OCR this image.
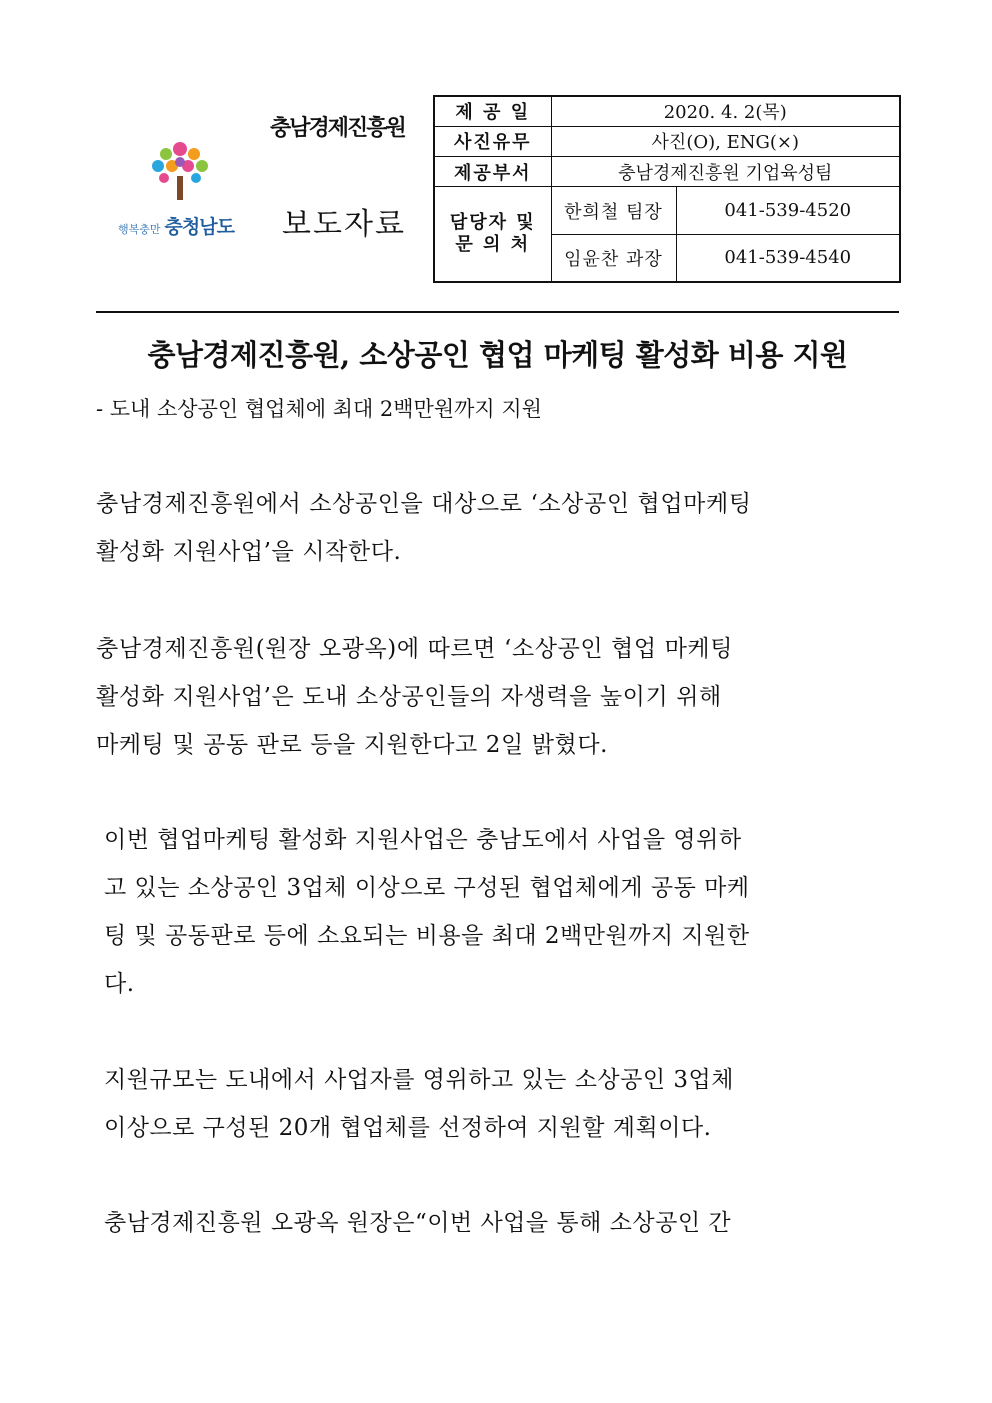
행복충만 충청남도
충남경제진흥원
보도자료
제 공 일	2020. 4. 2(목)	
사진유무	사진(O), ENG(×)	
제공부서	충남경제진흥원 기업육성팀	

담당자 및
문 의 처	한희철 팀장	041-539-4520
	임윤찬 과장	041-539-4540
충남경제진흥원, 소상공인 협업 마케팅 활성화 비용 지원
- 도내 소상공인 협업체에 최대 2백만원까지 지원
충남경제진흥원에서 소상공인을 대상으로 ‘소상공인 협업마케팅
활성화 지원사업’을 시작한다.
충남경제진흥원(원장 오광옥)에 따르면 ‘소상공인 협업 마케팅
활성화 지원사업’은 도내 소상공인들의 자생력을 높이기 위해
마케팅 및 공동 판로 등을 지원한다고 2일 밝혔다.
이번 협업마케팅 활성화 지원사업은 충남도에서 사업을 영위하
고 있는 소상공인 3업체 이상으로 구성된 협업체에게 공동 마케
팅 및 공동판로 등에 소요되는 비용을 최대 2백만원까지 지원한
다.
지원규모는 도내에서 사업자를 영위하고 있는 소상공인 3업체
이상으로 구성된 20개 협업체를 선정하여 지원할 계획이다.
충남경제진흥원 오광옥 원장은“이번 사업을 통해 소상공인 간
